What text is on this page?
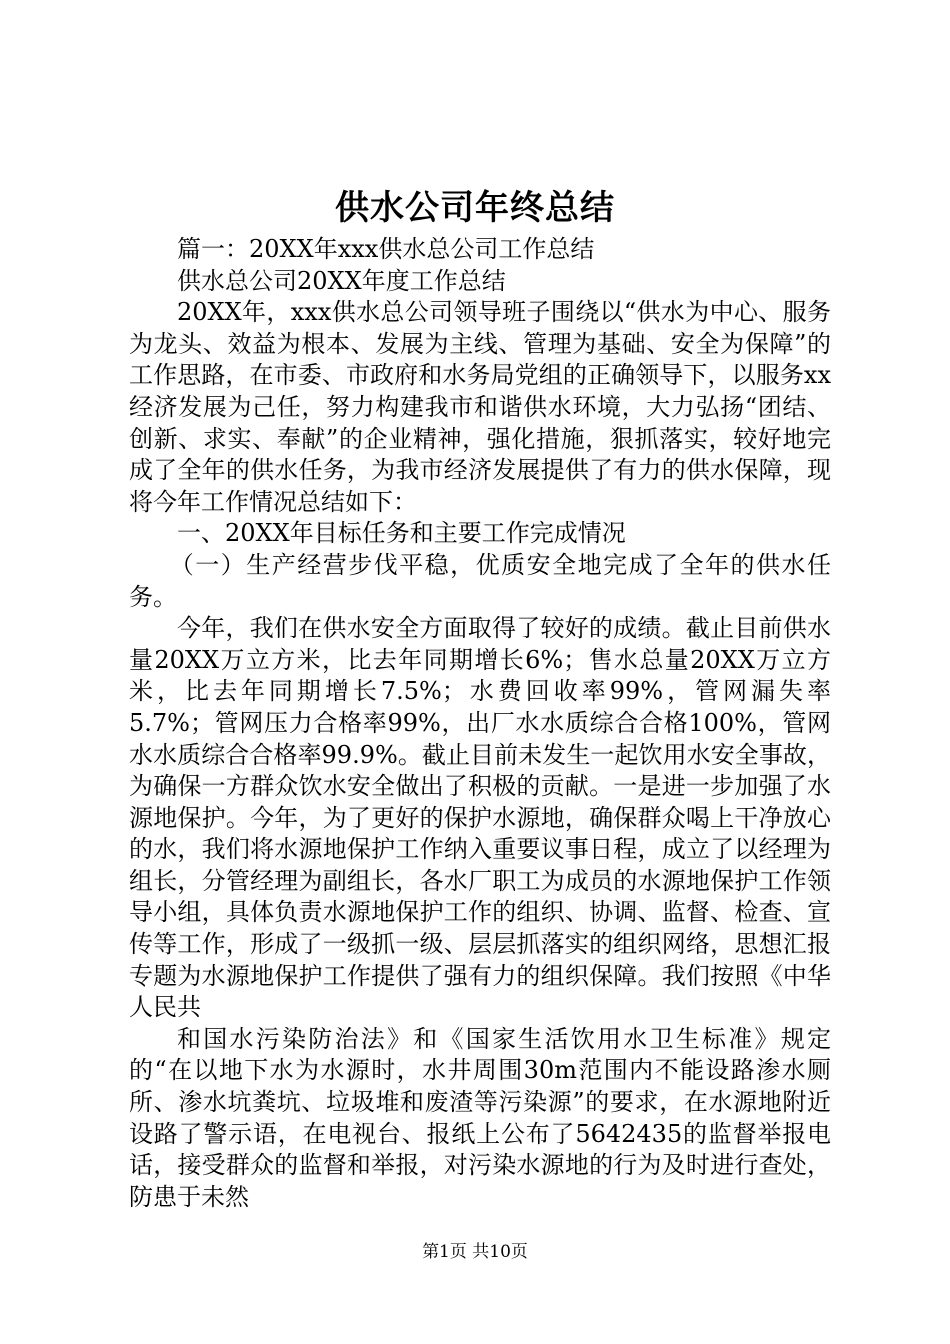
供水公司年终总结

篇一：20XX年xxx供水总公司工作总结

供水总公司20XX年度工作总结

20XX年，xxx供水总公司领导班子围绕以“供水为中心、服务为龙头、效益为根本、发展为主线、管理为基础、安全为保障”的工作思路，在市委、市政府和水务局党组的正确领导下，以服务xx经济发展为己任，努力构建我市和谐供水环境，大力弘扬“团结、创新、求实、奉献”的企业精神，强化措施，狠抓落实，较好地完成了全年的供水任务，为我市经济发展提供了有力的供水保障，现将今年工作情况总结如下：

一、20XX年目标任务和主要工作完成情况

（一）生产经营步伐平稳，优质安全地完成了全年的供水任务。

今年，我们在供水安全方面取得了较好的成绩。截止目前供水量20XX万立方米，比去年同期增长6%；售水总量20XX万立方米，比去年同期增长7.5%；水费回收率99%，管网漏失率5.7%；管网压力合格率99%，出厂水水质综合合格100%，管网水水质综合合格率99.9%。截止目前未发生一起饮用水安全事故，为确保一方群众饮水安全做出了积极的贡献。一是进一步加强了水源地保护。今年，为了更好的保护水源地，确保群众喝上干净放心的水，我们将水源地保护工作纳入重要议事日程，成立了以经理为组长，分管经理为副组长，各水厂职工为成员的水源地保护工作领导小组，具体负责水源地保护工作的组织、协调、监督、检查、宣传等工作，形成了一级抓一级、层层抓落实的组织网络，思想汇报专题为水源地保护工作提供了强有力的组织保障。我们按照《中华人民共

和国水污染防治法》和《国家生活饮用水卫生标准》规定的“在以地下水为水源时，水井周围30m范围内不能设路渗水厕所、渗水坑粪坑、垃圾堆和废渣等污染源”的要求，在水源地附近设路了警示语，在电视台、报纸上公布了5642435的监督举报电话，接受群众的监督和举报，对污染水源地的行为及时进行查处，防患于未然

第1页 共10页
